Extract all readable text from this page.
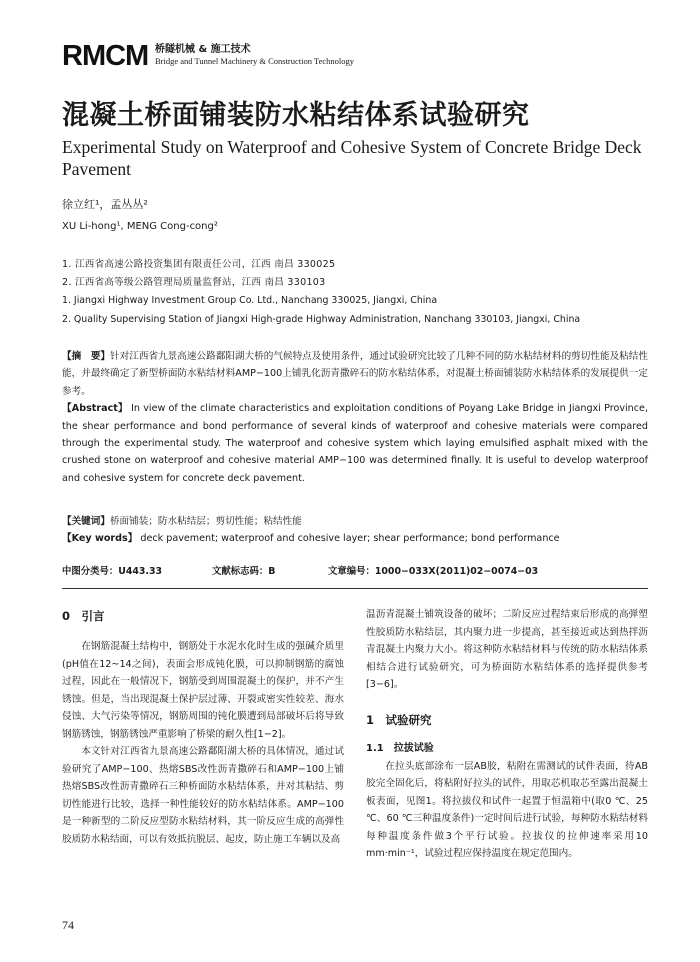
RMCM 桥隧机械 & 施工技术
Bridge and Tunnel Machinery & Construction Technology
混凝土桥面铺装防水粘结体系试验研究
Experimental Study on Waterproof and Cohesive System of Concrete Bridge Deck Pavement
徐立红¹，孟丛丛²
XU Li-hong¹, MENG Cong-cong²
1. 江西省高速公路投资集团有限责任公司，江西 南昌 330025
2. 江西省高等级公路管理局质量监督站，江西 南昌 330103
1. Jiangxi Highway Investment Group Co. Ltd., Nanchang 330025, Jiangxi, China
2. Quality Supervising Station of Jiangxi High-grade Highway Administration, Nanchang 330103, Jiangxi, China

【摘　要】针对江西省九景高速公路鄱阳湖大桥的气候特点及使用条件，通过试验研究比较了几种不同的防水粘结材料的剪切性能及粘结性能，并最终确定了新型桥面防水粘结材料AMP−100上铺乳化沥青撒碎石的防水粘结体系，对混凝土桥面铺装防水粘结体系的发展提供一定参考。

【Abstract】 In view of the climate characteristics and exploitation conditions of Poyang Lake Bridge in Jiangxi Province, the shear performance and bond performance of several kinds of waterproof and cohesive materials were compared through the experimental study. The waterproof and cohesive system which laying emulsified asphalt mixed with the crushed stone on waterproof and cohesive material AMP−100 was determined finally. It is useful to develop waterproof and cohesive system for concrete deck pavement.

【关键词】桥面铺装；防水粘结层；剪切性能；粘结性能

【Key words】 deck pavement; waterproof and cohesive layer; shear performance; bond performance

中图分类号：U443.33	文献标志码：B	文章编号：1000−033X(2011)02−0074−03
0　引言

在钢筋混凝土结构中，钢筋处于水泥水化时生成的强碱介质里(pH值在12~14之间)，表面会形成钝化膜，可以抑制钢筋的腐蚀过程，因此在一般情况下，钢筋受到周围混凝土的保护，并不产生锈蚀。但是，当出现混凝土保护层过薄、开裂或密实性较差、海水侵蚀、大气污染等情况，钢筋周围的钝化膜遭到局部破坏后将导致钢筋锈蚀，钢筋锈蚀严重影响了桥梁的耐久性[1−2]。

本文针对江西省九景高速公路鄱阳湖大桥的具体情况，通过试验研究了AMP−100、热熔SBS改性沥青撒碎石和AMP−100上铺热熔SBS改性沥青撒碎石三种桥面防水粘结体系，并对其粘结、剪切性能进行比较，选择一种性能较好的防水粘结体系。AMP−100是一种新型的二阶反应型防水粘结材料，其一阶反应生成的高弹性胶质防水粘结面，可以有效抵抗脱层、起皮，防止施工车辆以及高

温沥青混凝土铺筑设备的破坏；二阶反应过程结束后形成的高弹塑性胶质防水粘结层，其内聚力进一步提高，甚至接近或达到热拌沥青混凝土内聚力大小。将这种防水粘结材料与传统的防水粘结体系相结合进行试验研究，可为桥面防水粘结体系的选择提供参考[3−6]。

1　试验研究
1.1　拉拔试验

在拉头底部涂布一层AB胶，粘附在需测试的试件表面，待AB胶完全固化后，将粘附好拉头的试件，用取芯机取芯至露出混凝土板表面，见图1。将拉拔仪和试件一起置于恒温箱中(取0 ℃、25 ℃、60 ℃三种温度条件)一定时间后进行试验，每种防水粘结材料每种温度条件做3个平行试验。拉拔仪的拉伸速率采用10 mm·min⁻¹，试验过程应保持温度在规定范围内。

74
